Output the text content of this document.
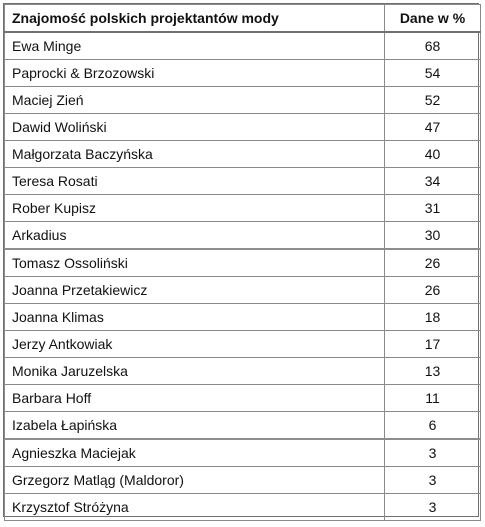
Znajomość polskich projektantów mody	Dane w %
Ewa Minge	68
Paprocki & Brzozowski	54
Maciej Zień	52
Dawid Woliński	47
Małgorzata Baczyńska	40
Teresa Rosati	34
Rober Kupisz	31
Arkadius	30
Tomasz Ossoliński	26
Joanna Przetakiewicz	26
Joanna Klimas	18
Jerzy Antkowiak	17
Monika Jaruzelska	13
Barbara Hoff	11
Izabela Łapińska	6
Agnieszka Maciejak	3
Grzegorz Matląg (Maldoror)	3
Krzysztof Stróżyna	3
